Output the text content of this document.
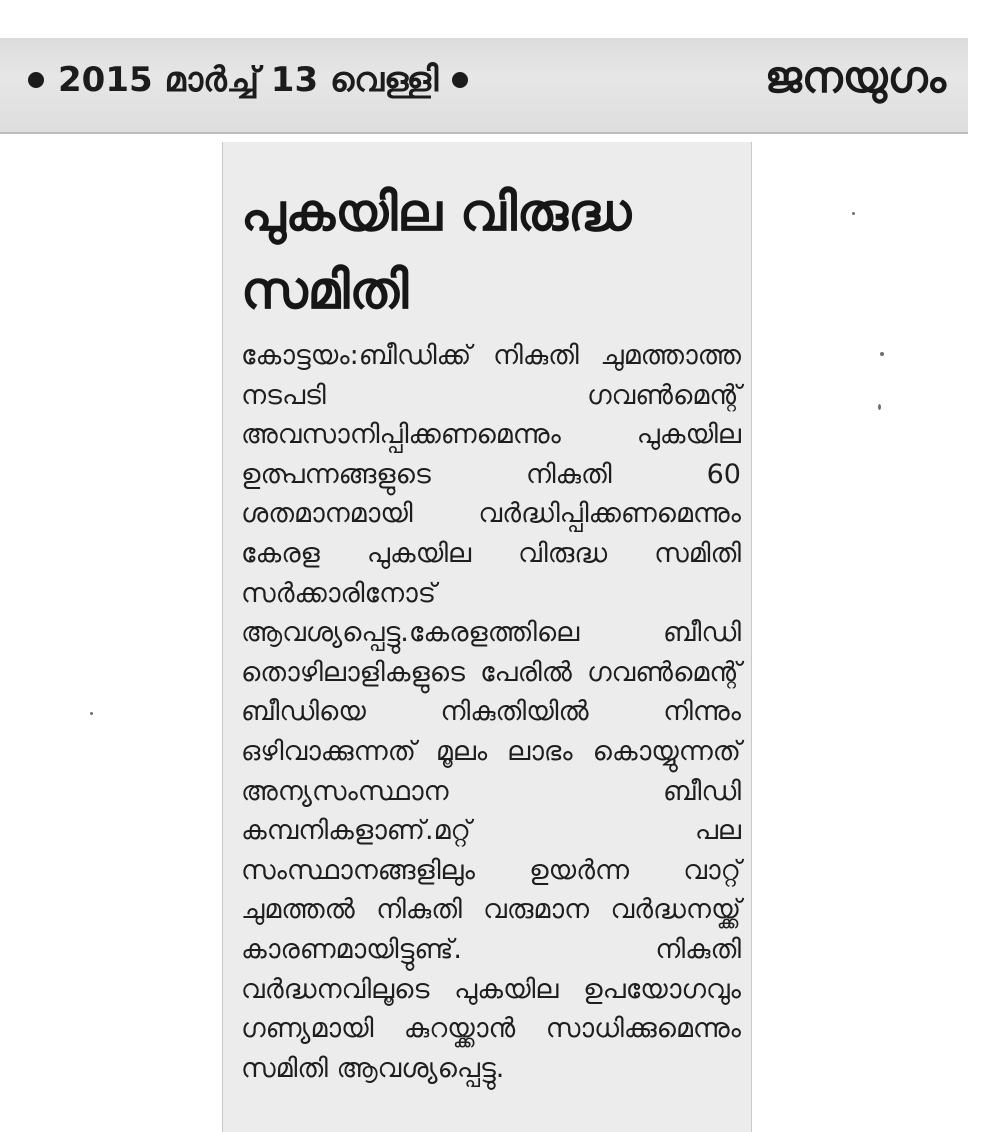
2015 മാർച്ച് 13 വെള്ളി	ജനയുഗം
പുകയില വിരുദ്ധ
സമിതി
കോട്ടയം:ബീഡിക്ക് നികുതി ചുമത്താത്ത നടപടി ഗവൺമെന്റ് അവസാനിപ്പിക്കണമെന്നും പുകയില ഉത്പന്നങ്ങളുടെ നികുതി 60 ശതമാനമായി വർദ്ധിപ്പിക്കണമെന്നും കേരള പുകയില വിരുദ്ധ സമിതി സർക്കാരിനോട് ആവശ്യപ്പെട്ടു.കേരളത്തിലെ ബീഡി തൊഴിലാളികളുടെ പേരിൽ ഗവൺമെന്റ് ബീഡിയെ നികുതിയിൽ നിന്നും ഒഴിവാക്കുന്നത് മൂലം ലാഭം കൊയ്യുന്നത് അന്യസംസ്ഥാന ബീഡി കമ്പനികളാണ്.മറ്റ് പല സംസ്ഥാനങ്ങളിലും ഉയർന്ന വാറ്റ് ചുമത്തൽ നികുതി വരുമാന വർദ്ധനയ്ക്ക് കാരണമായിട്ടുണ്ട്. നികുതി വർദ്ധനവിലൂടെ പുകയില ഉപയോഗവും ഗണ്യമായി കുറയ്ക്കാൻ സാധിക്കുമെന്നും സമിതി ആവശ്യപ്പെട്ടു.
